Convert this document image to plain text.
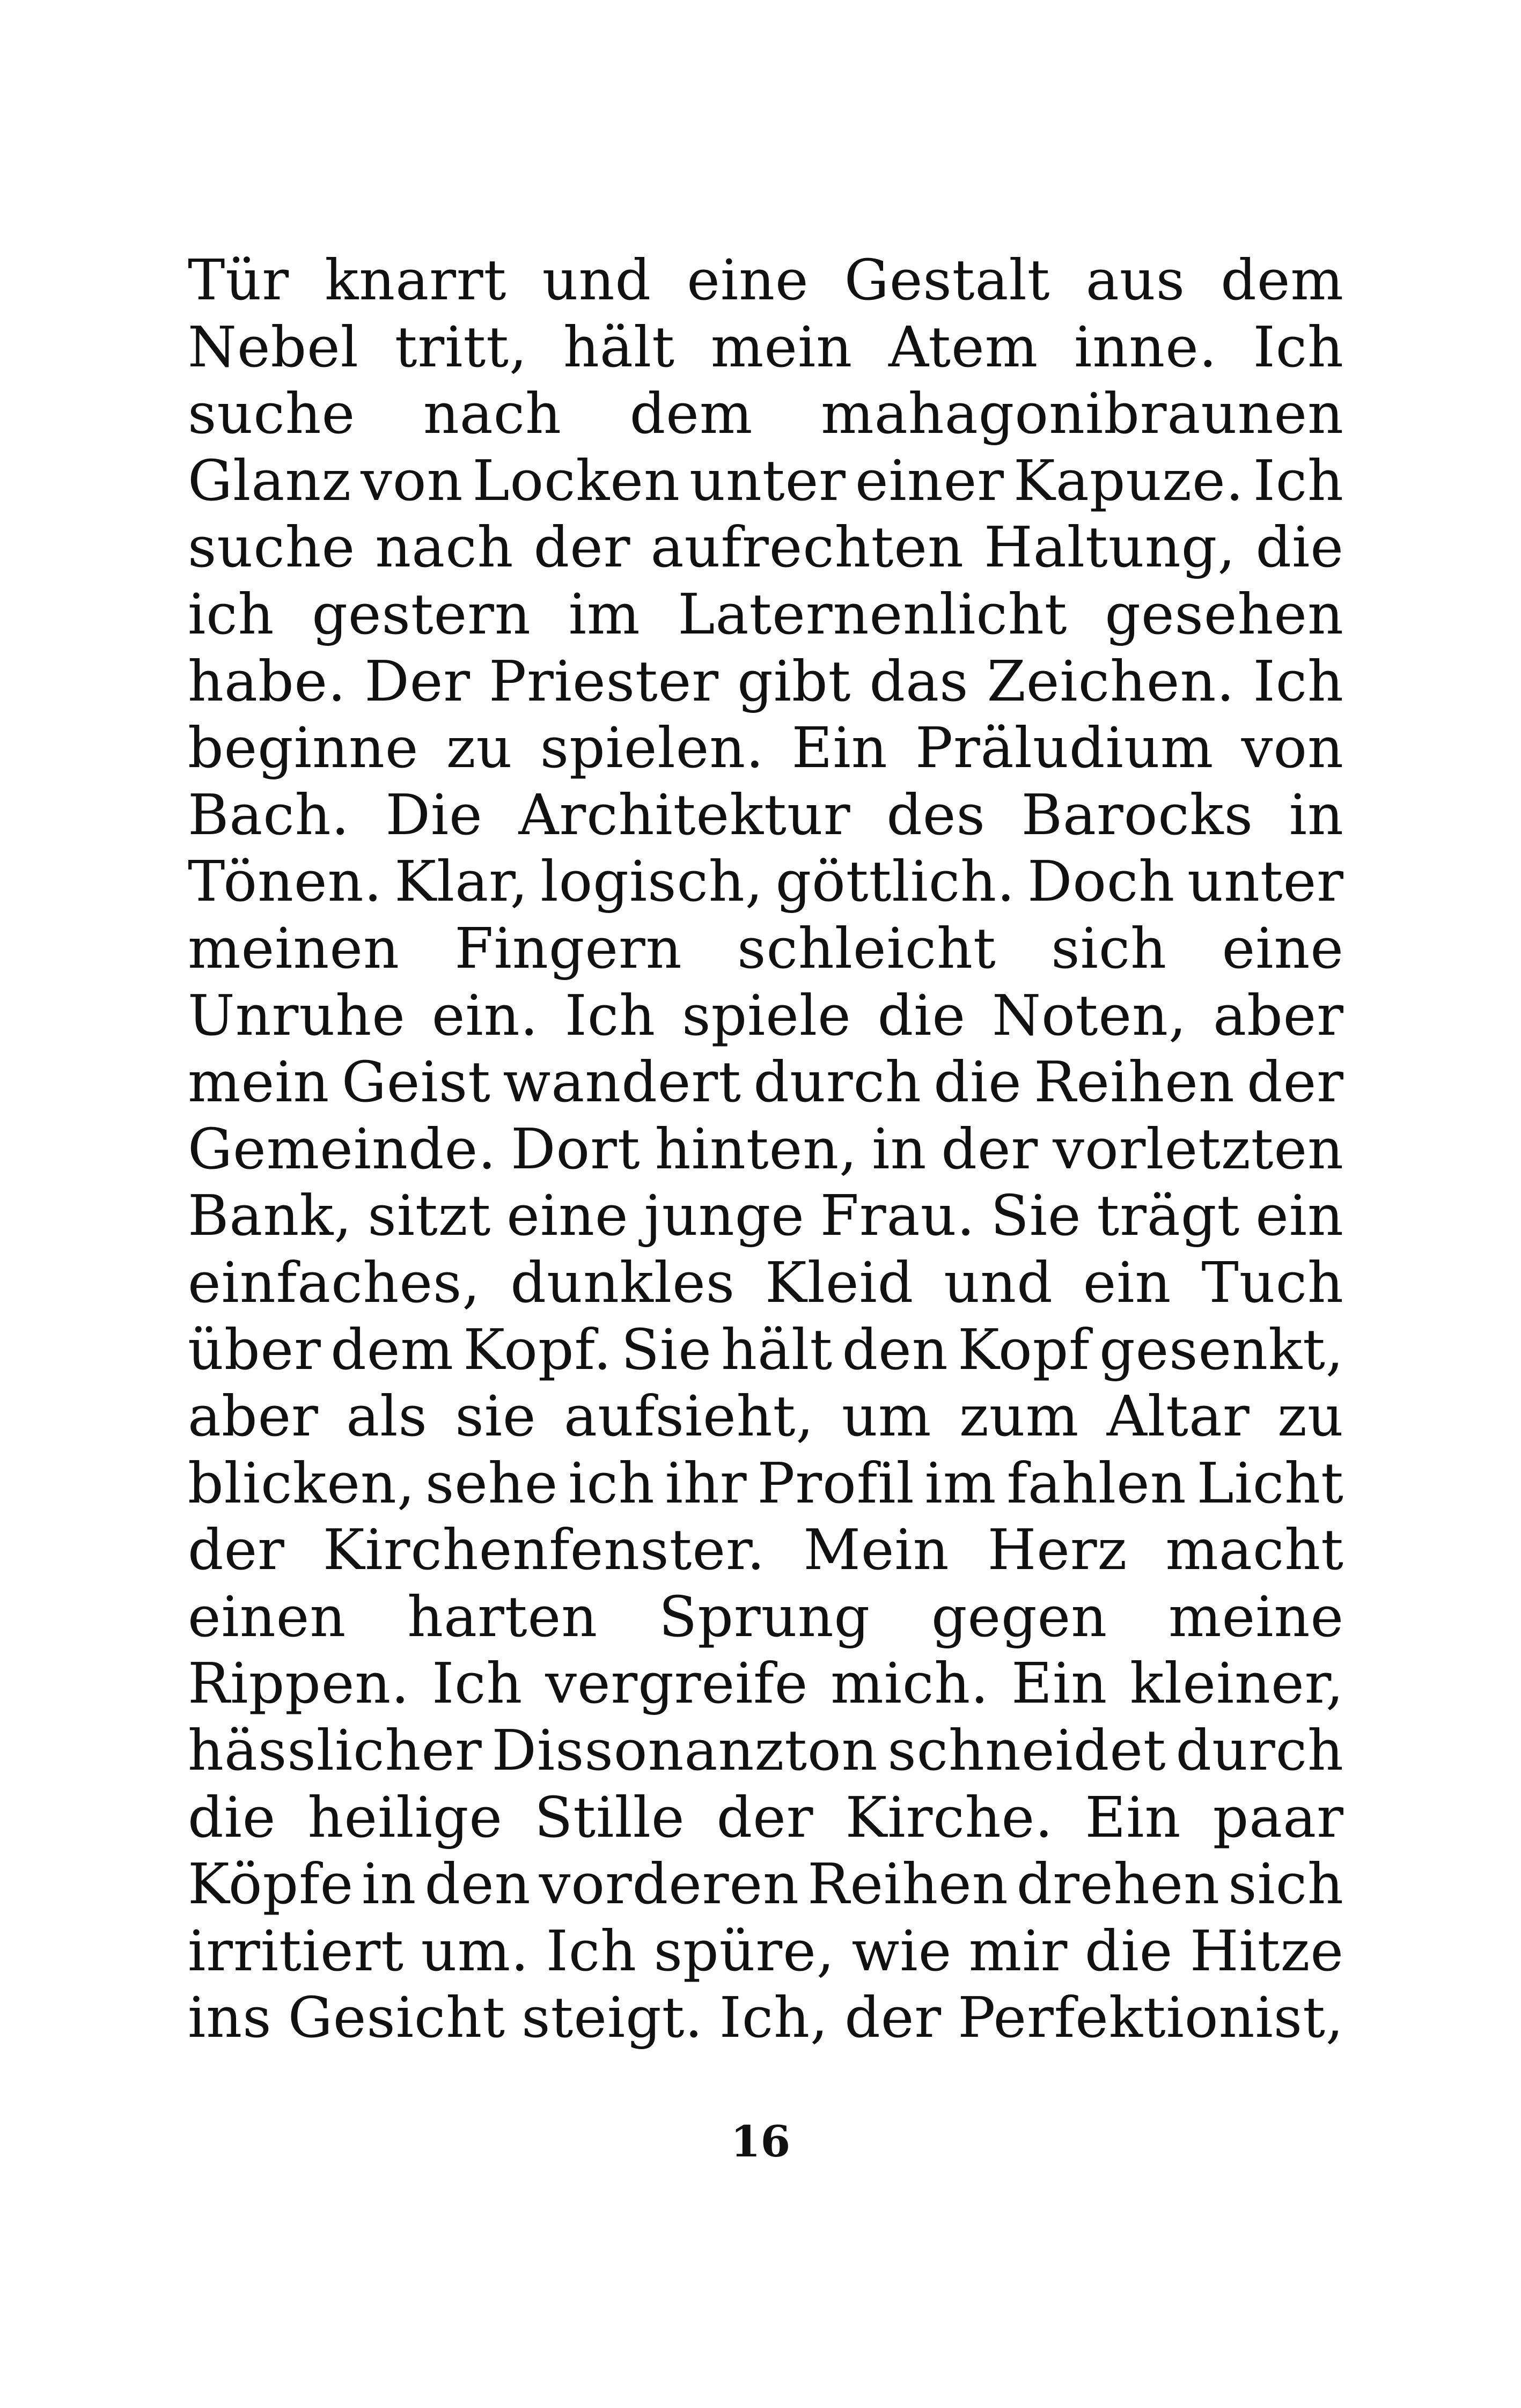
Tür knarrt und eine Gestalt aus dem
Nebel tritt, hält mein Atem inne. Ich
suche nach dem mahagonibraunen
Glanz von Locken unter einer Kapuze. Ich
suche nach der aufrechten Haltung, die
ich gestern im Laternenlicht gesehen
habe. Der Priester gibt das Zeichen. Ich
beginne zu spielen. Ein Präludium von
Bach. Die Architektur des Barocks in
Tönen. Klar, logisch, göttlich. Doch unter
meinen Fingern schleicht sich eine
Unruhe ein. Ich spiele die Noten, aber
mein Geist wandert durch die Reihen der
Gemeinde. Dort hinten, in der vorletzten
Bank, sitzt eine junge Frau. Sie trägt ein
einfaches, dunkles Kleid und ein Tuch
über dem Kopf. Sie hält den Kopf gesenkt,
aber als sie aufsieht, um zum Altar zu
blicken, sehe ich ihr Profil im fahlen Licht
der Kirchenfenster. Mein Herz macht
einen harten Sprung gegen meine
Rippen. Ich vergreife mich. Ein kleiner,
hässlicher Dissonanzton schneidet durch
die heilige Stille der Kirche. Ein paar
Köpfe in den vorderen Reihen drehen sich
irritiert um. Ich spüre, wie mir die Hitze
ins Gesicht steigt. Ich, der Perfektionist,
16
